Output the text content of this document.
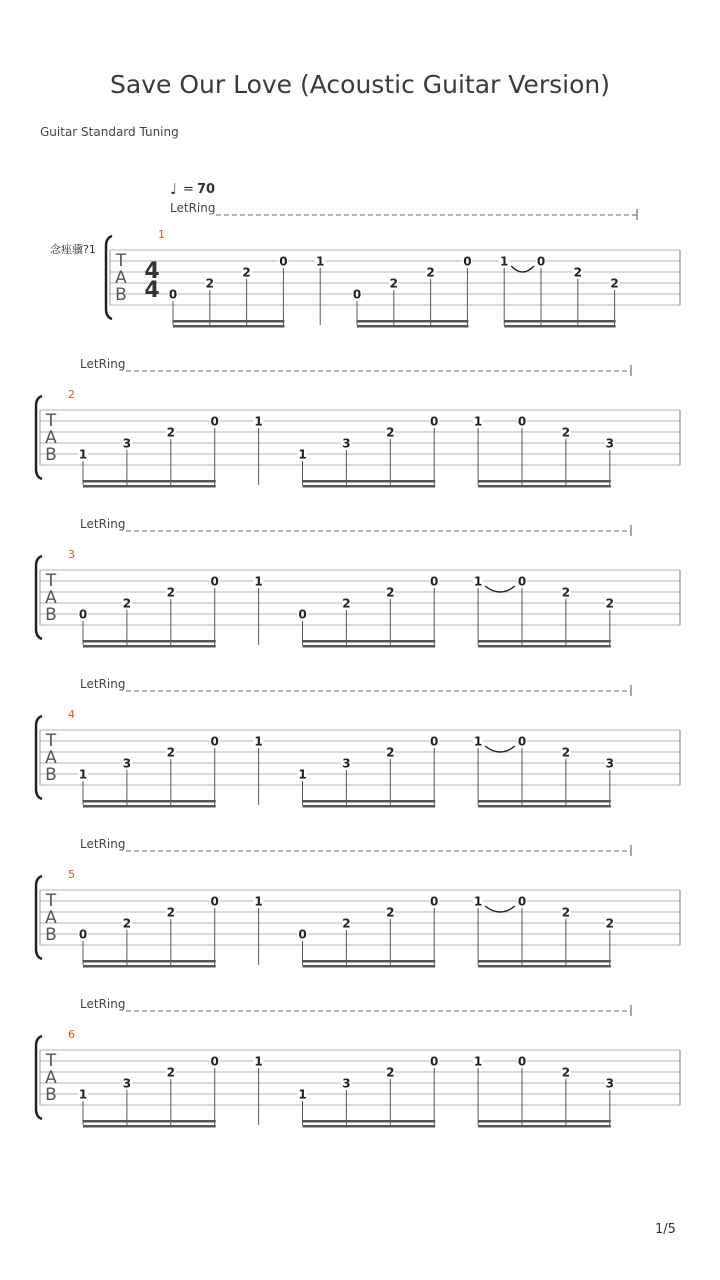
Save Our Love (Acoustic Guitar Version)
Guitar Standard Tuning
♩ = 70
念痤骥?1
LetRing
T
A
B
4
4
1
0
2
2
0 1
0
2
2
0 1 0
2
2
LetRing
T
A
B
2
1
3
2
0	1
1
3
2
0	1	0
2
3
LetRing
T
A
B
3
0
2
2
0	1
0
2
2
0	1	0
2
2
LetRing
T
A
B
4
1
3
2
0	1
1
3
2
0	1	0
2
3
LetRing
T
A
B
5
0
2
2
0	1
0
2
2
0	1	0
2
2
LetRing
T
A
B
6
1
3
2
0	1
1
3
2
0	1	0
2
3
1/5
